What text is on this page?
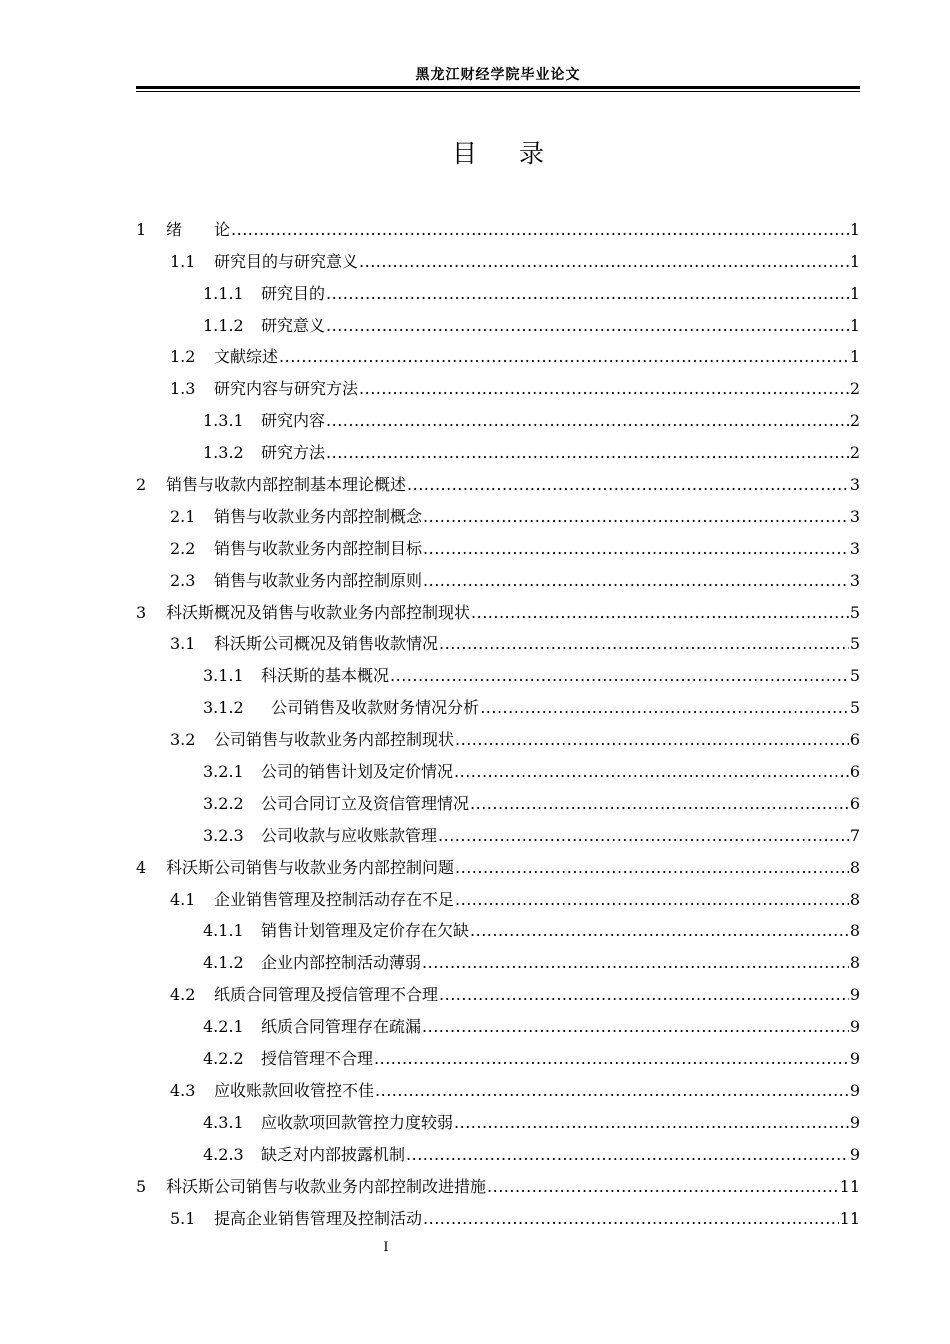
黑龙江财经学院毕业论文
目录
1	绪　　论 .....	1
1.1	研究目的与研究意义 .....	1
1.1.1	研究目的 .....	1
1.1.2	研究意义 .....	1
1.2	文献综述 .....	1
1.3	研究内容与研究方法 .....	2
1.3.1	研究内容 .....	2
1.3.2	研究方法 .....	2
2	销售与收款内部控制基本理论概述 .....	3
2.1	销售与收款业务内部控制概念 .....	3
2.2	销售与收款业务内部控制目标 .....	3
2.3	销售与收款业务内部控制原则 .....	3
3	科沃斯概况及销售与收款业务内部控制现状 .....	5
3.1	科沃斯公司概况及销售收款情况 .....	5
3.1.1	科沃斯的基本概况 .....	5
3.1.2	公司销售及收款财务情况分析 .....	5
3.2	公司销售与收款业务内部控制现状 .....	6
3.2.1	公司的销售计划及定价情况 .....	6
3.2.2	公司合同订立及资信管理情况 .....	6
3.2.3	公司收款与应收账款管理 .....	7
4	科沃斯公司销售与收款业务内部控制问题 .....	8
4.1	企业销售管理及控制活动存在不足 .....	8
4.1.1	销售计划管理及定价存在欠缺 .....	8
4.1.2	企业内部控制活动薄弱 .....	8
4.2	纸质合同管理及授信管理不合理 .....	9
4.2.1	纸质合同管理存在疏漏 .....	9
4.2.2	授信管理不合理 .....	9
4.3	应收账款回收管控不佳 .....	9
4.3.1	应收款项回款管控力度较弱 .....	9
4.2.3	缺乏对内部披露机制 .....	9
5	科沃斯公司销售与收款业务内部控制改进措施 .....	11
5.1	提高企业销售管理及控制活动 .....	11
I
